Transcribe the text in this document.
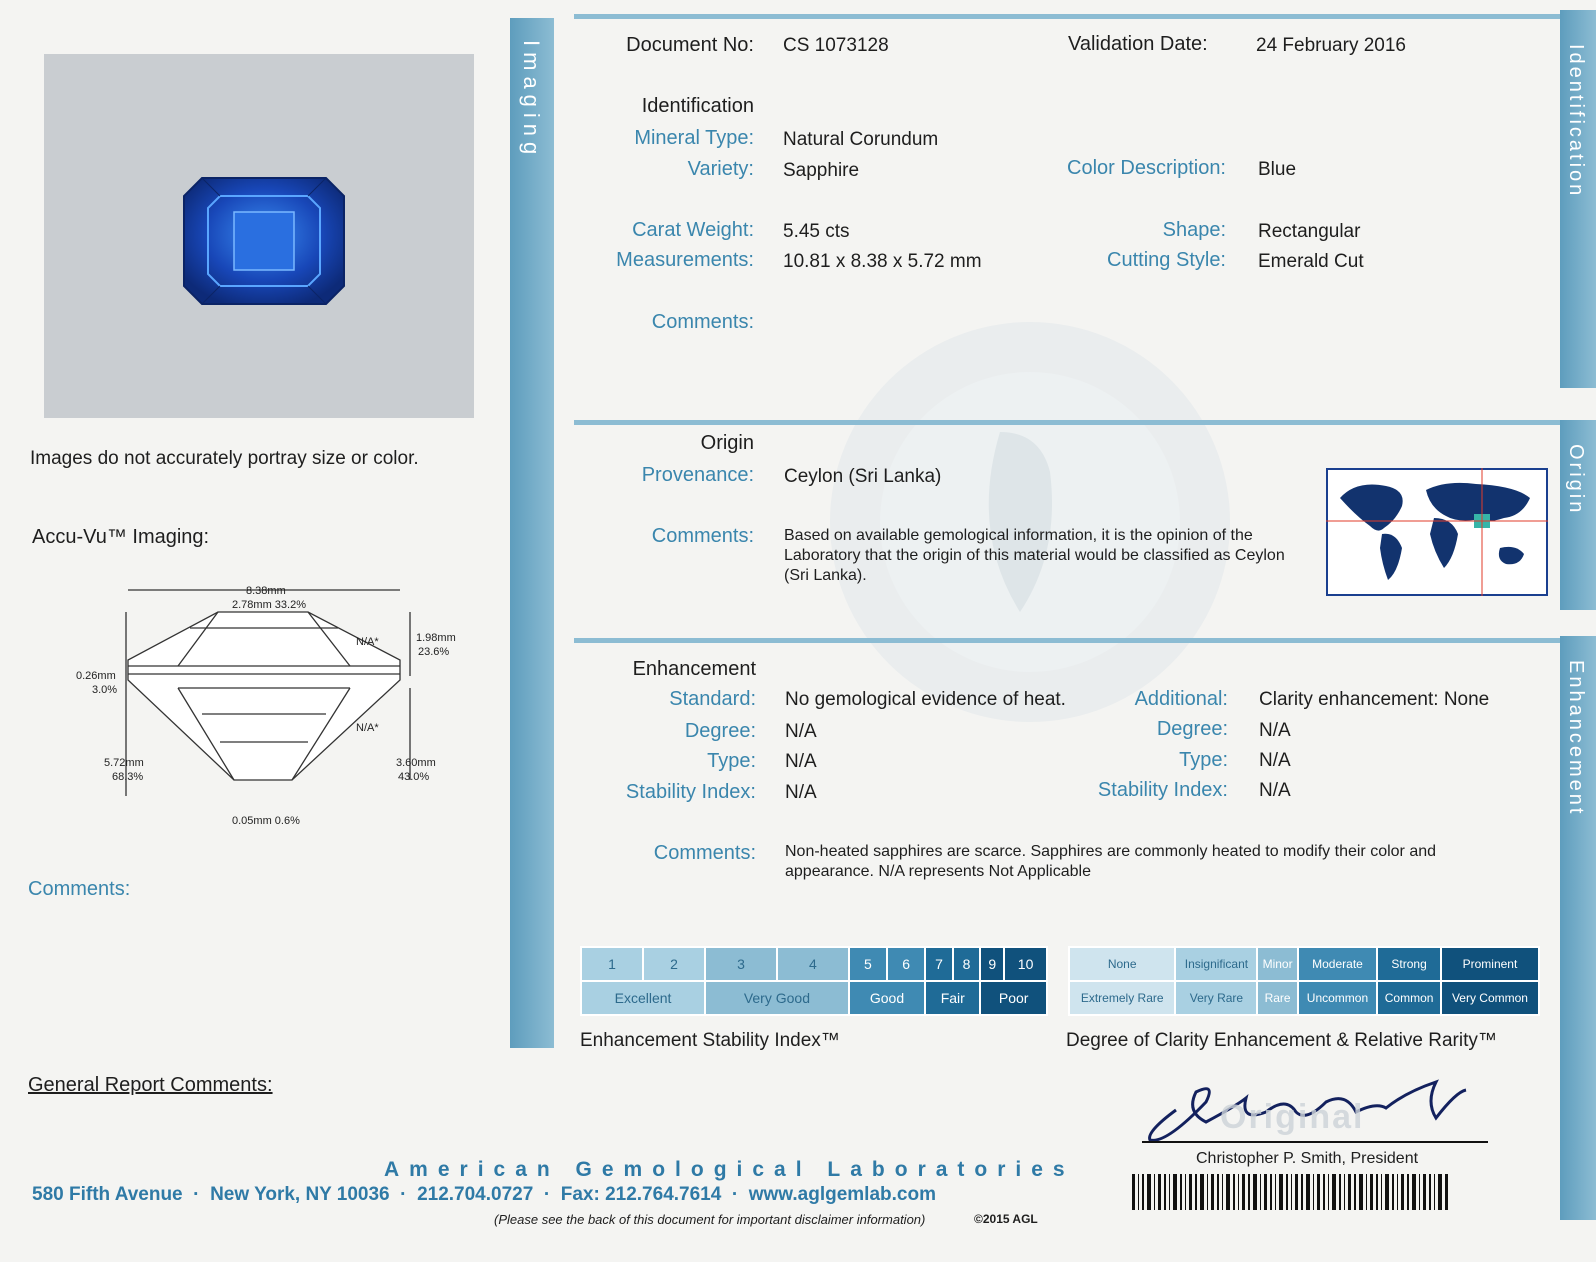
Images do not accurately portray size or color.
Accu-Vu™ Imaging:
8.38mm
2.78mm 33.2%
1.98mm
23.6%
N/A*
0.26mm
3.0%
N/A*
5.72mm
68.3%
3.60mm
43.0%
0.05mm 0.6%
Comments:
Imaging
General Report Comments:
Document No: CS 1073128	Validation Date:	24 February 2016
Identification
Mineral Type: Natural Corundum
Variety: Sapphire	Color Description: Blue
Carat Weight: 5.45 cts	Shape: Rectangular
Measurements: 10.81 x 8.38 x 5.72 mm	Cutting Style: Emerald Cut
Comments:
Identification
Origin
Provenance: Ceylon (Sri Lanka)
Comments: Based on available gemological information, it is the opinion of the Laboratory that the origin of this material would be classified as Ceylon (Sri Lanka).
Origin
Enhancement
Standard: No gemological evidence of heat.	Additional: Clarity enhancement: None
Degree: N/A	Degree: N/A
Type: N/A	Type: N/A
Stability Index: N/A	Stability Index: N/A
Comments: Non-heated sapphires are scarce. Sapphires are commonly heated to modify their color and appearance. N/A represents Not Applicable
Enhancement
1	2	3	4	5	6	7	8	9	10
Excellent		Very Good		Good		Fair		Poor	
Enhancement Stability Index™
None	Insignificant	Minor	Moderate	Strong	Prominent
Extremely Rare	Very Rare	Rare	Uncommon	Common	Very Common
Degree of Clarity Enhancement & Relative Rarity™
Original
Christopher P. Smith, President
American Gemological Laboratories
580 Fifth Avenue  ·  New York, NY 10036  ·  212.704.0727  ·  Fax: 212.764.7614  ·  www.aglgemlab.com
(Please see the back of this document for important disclaimer information)	©2015 AGL
